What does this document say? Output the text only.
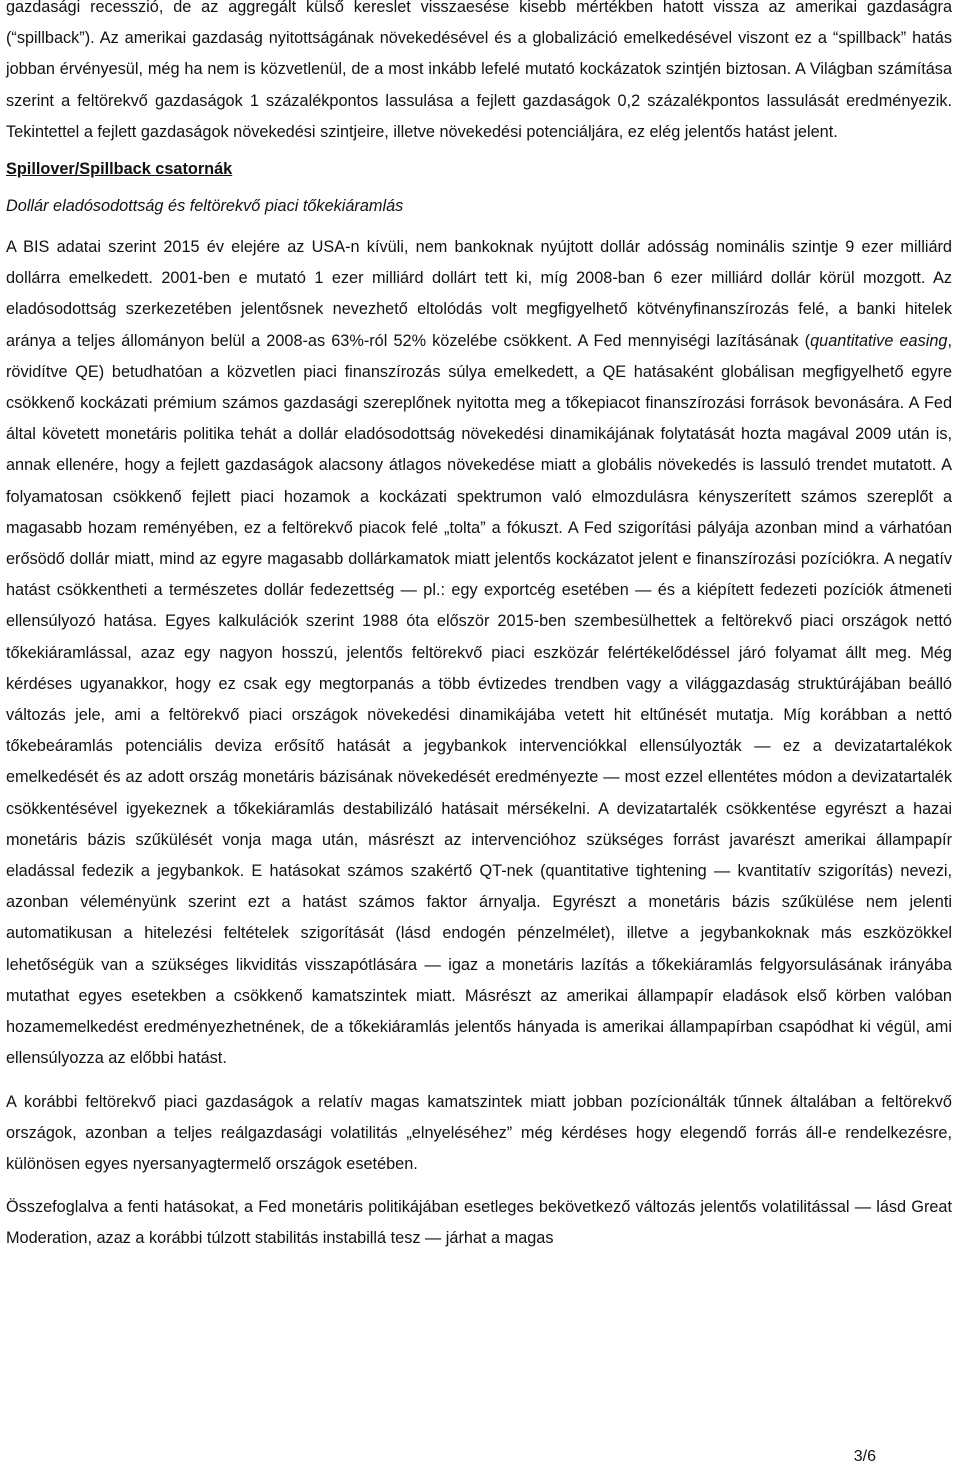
gazdasági recesszió, de az aggregált külső kereslet visszaesése kisebb mértékben hatott vissza az amerikai gazdaságra (“spillback”). Az amerikai gazdaság nyitottságának növekedésével és a globalizáció emelkedésével viszont ez a “spillback” hatás jobban érvényesül, még ha nem is közvetlenül, de a most inkább lefelé mutató kockázatok szintjén biztosan. A Világban számítása szerint a feltörekvő gazdaságok 1 százalékpontos lassulása a fejlett gazdaságok 0,2 százalékpontos lassulását eredményezik. Tekintettel a fejlett gazdaságok növekedési szintjeire, illetve növekedési potenciáljára, ez elég jelentős hatást jelent.

Spillover/Spillback csatornák
Dollár eladósodottság és feltörekvő piaci tőkekiáramlás

A BIS adatai szerint 2015 év elejére az USA-n kívüli, nem bankoknak nyújtott dollár adósság nominális szintje 9 ezer milliárd dollárra emelkedett. 2001-ben e mutató 1 ezer milliárd dollárt tett ki, míg 2008-ban 6 ezer milliárd dollár körül mozgott. Az eladósodottság szerkezetében jelentősnek nevezhető eltolódás volt megfigyelhető kötvényfinanszírozás felé, a banki hitelek aránya a teljes állományon belül a 2008-as 63%-ról 52% közelébe csökkent. A Fed mennyiségi lazításának (quantitative easing, rövidítve QE) betudhatóan a közvetlen piaci finanszírozás súlya emelkedett, a QE hatásaként globálisan megfigyelhető egyre csökkenő kockázati prémium számos gazdasági szereplőnek nyitotta meg a tőkepiacot finanszírozási források bevonására. A Fed által követett monetáris politika tehát a dollár eladósodottság növekedési dinamikájának folytatását hozta magával 2009 után is, annak ellenére, hogy a fejlett gazdaságok alacsony átlagos növekedése miatt a globális növekedés is lassuló trendet mutatott. A folyamatosan csökkenő fejlett piaci hozamok a kockázati spektrumon való elmozdulásra kényszerített számos szereplőt a magasabb hozam reményében, ez a feltörekvő piacok felé „tolta” a fókuszt. A Fed szigorítási pályája azonban mind a várhatóan erősödő dollár miatt, mind az egyre magasabb dollárkamatok miatt jelentős kockázatot jelent e finanszírozási pozíciókra. A negatív hatást csökkentheti a természetes dollár fedezettség ― pl.: egy exportcég esetében ― és a kiépített fedezeti pozíciók átmeneti ellensúlyozó hatása. Egyes kalkulációk szerint 1988 óta először 2015-ben szembesülhettek a feltörekvő piaci országok nettó tőkekiáramlással, azaz egy nagyon hosszú, jelentős feltörekvő piaci eszközár felértékelődéssel járó folyamat állt meg. Még kérdéses ugyanakkor, hogy ez csak egy megtorpanás a több évtizedes trendben vagy a világgazdaság struktúrájában beálló változás jele, ami a feltörekvő piaci országok növekedési dinamikájába vetett hit eltűnését mutatja. Míg korábban a nettó tőkebeáramlás potenciális deviza erősítő hatását a jegybankok intervenciókkal ellensúlyozták ― ez a devizatartalékok emelkedését és az adott ország monetáris bázisának növekedését eredményezte ― most ezzel ellentétes módon a devizatartalék csökkentésével igyekeznek a tőkekiáramlás destabilizáló hatásait mérsékelni. A devizatartalék csökkentése egyrészt a hazai monetáris bázis szűkülését vonja maga után, másrészt az intervencióhoz szükséges forrást javarészt amerikai állampapír eladással fedezik a jegybankok. E hatásokat számos szakértő QT-nek (quantitative tightening ― kvantitatív szigorítás) nevezi, azonban véleményünk szerint ezt a hatást számos faktor árnyalja. Egyrészt a monetáris bázis szűkülése nem jelenti automatikusan a hitelezési feltételek szigorítását (lásd endogén pénzelmélet), illetve a jegybankoknak más eszközökkel lehetőségük van a szükséges likviditás visszapótlására ― igaz a monetáris lazítás a tőkekiáramlás felgyorsulásának irányába mutathat egyes esetekben a csökkenő kamatszintek miatt. Másrészt az amerikai állampapír eladások első körben valóban hozamemelkedést eredményezhetnének, de a tőkekiáramlás jelentős hányada is amerikai állampapírban csapódhat ki végül, ami ellensúlyozza az előbbi hatást.

A korábbi feltörekvő piaci gazdaságok a relatív magas kamatszintek miatt jobban pozícionálták tűnnek általában a feltörekvő országok, azonban a teljes reálgazdasági volatilitás „elnyeléséhez” még kérdéses hogy elegendő forrás áll-e rendelkezésre, különösen egyes nyersanyagtermelő országok esetében.

Összefoglalva a fenti hatásokat, a Fed monetáris politikájában esetleges bekövetkező változás jelentős volatilitással ― lásd Great Moderation, azaz a korábbi túlzott stabilitás instabillá tesz ― járhat a magas

3/6
